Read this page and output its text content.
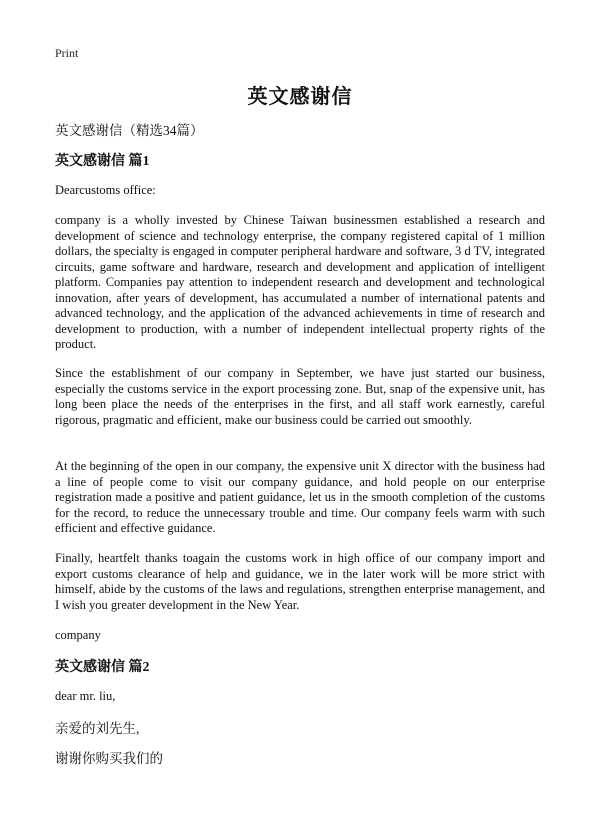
Print
英文感谢信
英文感谢信（精选34篇）
英文感谢信 篇1
Dearcustoms office:

company is a wholly invested by Chinese Taiwan businessmen established a research and development of science and technology enterprise, the company registered capital of 1 million dollars, the specialty is engaged in computer peripheral hardware and software, 3 d TV, integrated circuits, game software and hardware, research and development and application of intelligent platform. Companies pay attention to independent research and development and technological innovation, after years of development, has accumulated a number of international patents and advanced technology, and the application of the advanced achievements in time of research and development to production, with a number of independent intellectual property rights of the product.

Since the establishment of our company in September, we have just started our business, especially the customs service in the export processing zone. But, snap of the expensive unit, has long been place the needs of the enterprises in the first, and all staff work earnestly, careful rigorous, pragmatic and efficient, make our business could be carried out smoothly.

At the beginning of the open in our company, the expensive unit X director with the business had a line of people come to visit our company guidance, and hold people on our enterprise registration made a positive and patient guidance, let us in the smooth completion of the customs for the record, to reduce the unnecessary trouble and time. Our company feels warm with such efficient and effective guidance.

Finally, heartfelt thanks toagain the customs work in high office of our company import and export customs clearance of help and guidance, we in the later work will be more strict with himself, abide by the customs of the laws and regulations, strengthen enterprise management, and I wish you greater development in the New Year.

company
英文感谢信 篇2
dear mr. liu,
亲爱的刘先生,
谢谢你购买我们的
